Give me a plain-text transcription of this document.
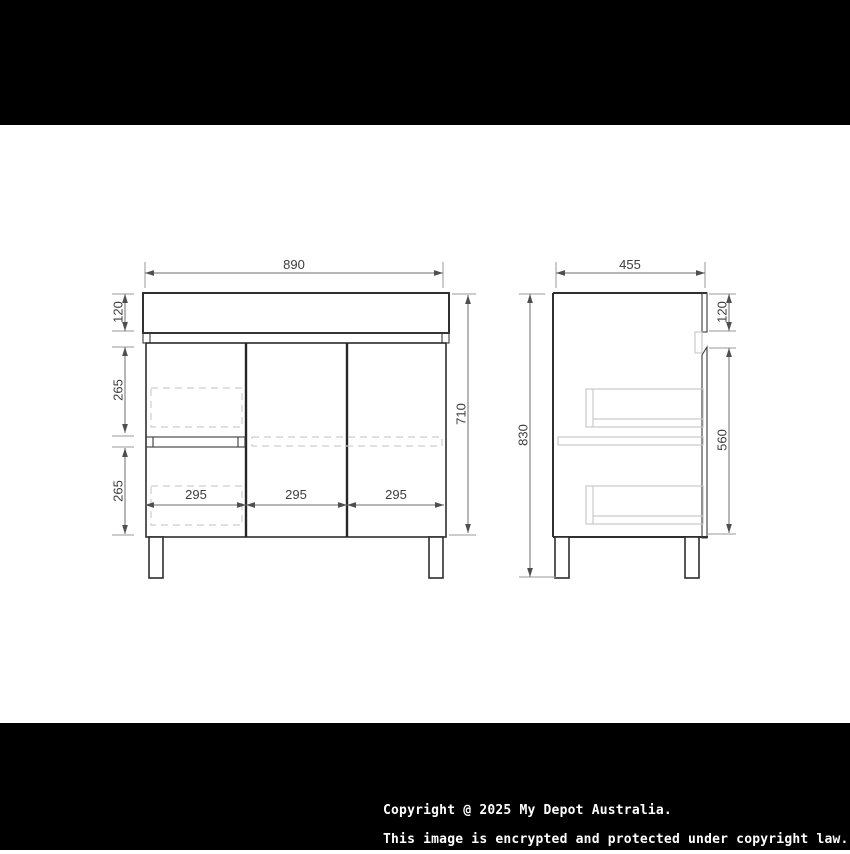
890
120
265
265
710
295	295	295
455
830
120
560
Copyright @ 2025 My Depot Australia.
This image is encrypted and protected under copyright law.
